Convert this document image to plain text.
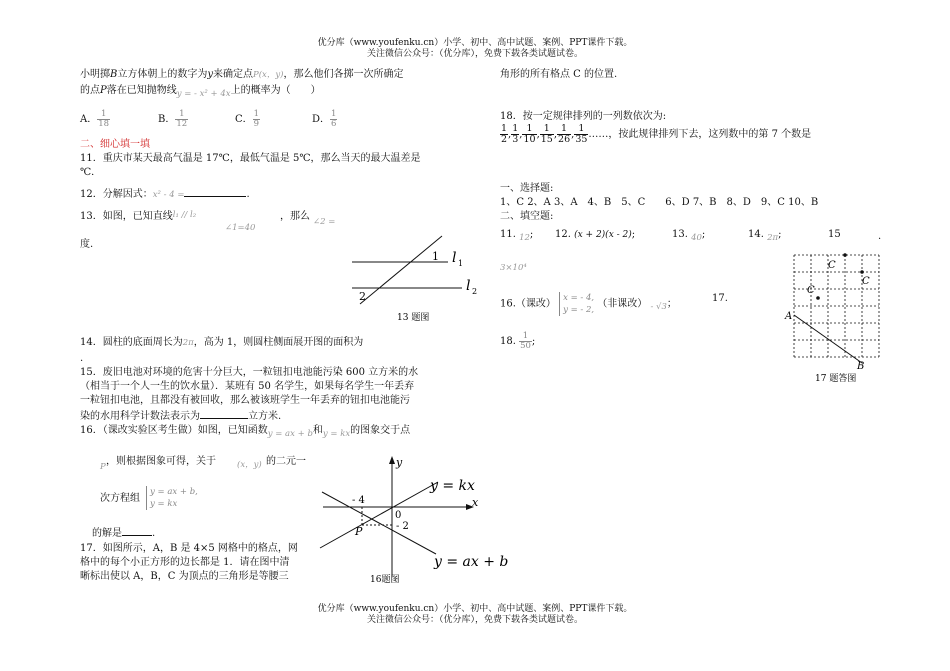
优分库（www.youfenku.cn）小学、初中、高中试题、案例、PPT课件下载。
关注微信公众号：（优分库），免费下载各类试题试卷。
小明掷B立方体朝上的数字为y来确定点P(x，y)，那么他们各掷一次所确定
的点P落在已知抛物线$_{y = - x^2 + 4x}$上的概率为（　　）
A． $\frac{1}{18}$	B． $\frac{1}{12}$	C． $\frac{1}{9}$	D． $\frac{1}{6}$
二、细心填一填
11．重庆市某天最高气温是 17℃，最低气温是 5℃，那么当天的最大温差是
℃．
12．分解因式：x² - 4 =	.
13．如图，已知直线$^{l_1 // l_2}$
∠1=40
，那么 ∠2 =
度.
l 1
l 2
1
2
13 题图
14．圆柱的底面周长为2π，高为 1，则圆柱侧面展开图的面积为
.
15．废旧电池对环境的危害十分巨大，一粒钮扣电池能污染 600 立方米的水
（相当于一个人一生的饮水量）．某班有 50 名学生，如果每名学生一年丢弃
一粒钮扣电池，且都没有被回收，那么被该班学生一年丢弃的钮扣电池能污
染的水用科学计数法表示为	立方米.
16．（课改实验区考生做）如图，已知函数$_{y = ax + b}$和$_{y = kx}$的图象交于点
P ，则根据图象可得，关于 (x，y) 的二元一
次方程组
y = ax + b,
y = kx
的解是	.
y
x
0
- 4
- 2
P
y = kx
y = ax + b
16题图
17．如图所示，A，B 是 4×5 网格中的格点，网
格中的每个小正方形的边长都是 1．请在图中清
晰标出使以 A，B，C 为顶点的三角形是等腰三
角形的所有格点 C 的位置.
18．按一定规律排列的一列数依次为:
$\frac{1}{2}$ , $\frac{1}{3}$ , $\frac{1}{10}$ , $\frac{1}{15}$ , $\frac{1}{26}$ , $\frac{1}{35}$ ……，按此规律排列下去，这列数中的第 7 个数是
一、选择题:
1、C 2、A 3、A　4、B　5、C　　6、D 7、B　8、D　9、C 10、B
二、填空题:
11. $_{12}$; 12. (x + 2)(x - 2);	13. $_{40}$;	14. $_{2\pi}$;	15	.
3×10⁴
16.（课改） x = - 4,
y = - 2, （非课改） $_{- √3}$；	17.
18. $\frac{1}{50}$ ;
C
C
C
A
B
17 题答图
优分库（www.youfenku.cn）小学、初中、高中试题、案例、PPT课件下载。
关注微信公众号：（优分库），免费下载各类试题试卷。
